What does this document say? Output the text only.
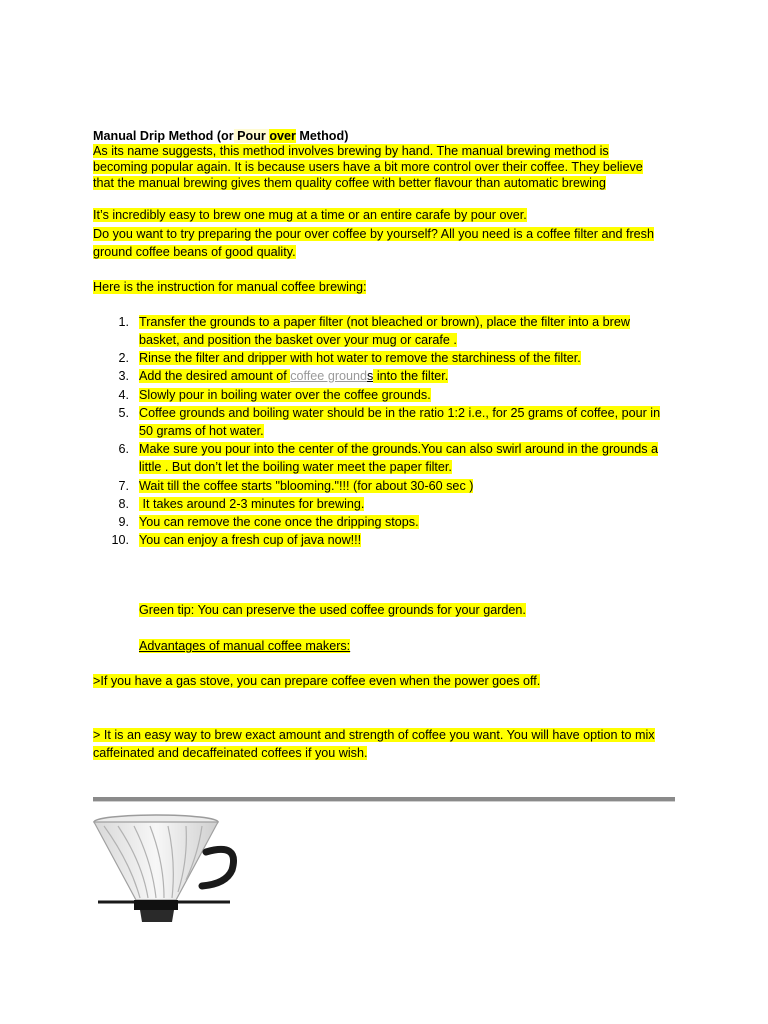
Manual Drip Method (or Pour over Method)
As its name suggests, this method involves brewing by hand. The manual brewing method is
becoming popular again. It is because users have a bit more control over their coffee. They believe
that the manual brewing gives them quality coffee with better flavour than automatic brewing
It’s incredibly easy to brew one mug at a time or an entire carafe by pour over.
Do you want to try preparing the pour over coffee by yourself? All you need is a coffee filter and fresh
ground coffee beans of good quality.
Here is the instruction for manual coffee brewing:
1. Transfer the grounds to a paper filter (not bleached or brown), place the filter into a brew
basket, and position the basket over your mug or carafe .
2. Rinse the filter and dripper with hot water to remove the starchiness of the filter.
3. Add the desired amount of coffee grounds into the filter.
4. Slowly pour in boiling water over the coffee grounds.
5. Coffee grounds and boiling water should be in the ratio 1:2 i.e., for 25 grams of coffee, pour in
50 grams of hot water.
6. Make sure you pour into the center of the grounds.You can also swirl around in the grounds a
little . But don’t let the boiling water meet the paper filter.
7. Wait till the coffee starts "blooming."!!! (for about 30-60 sec )
8. It takes around 2-3 minutes for brewing.
9. You can remove the cone once the dripping stops.
10. You can enjoy a fresh cup of java now!!!
Green tip: You can preserve the used coffee grounds for your garden.
Advantages of manual coffee makers:
>If you have a gas stove, you can prepare coffee even when the power goes off.
> It is an easy way to brew exact amount and strength of coffee you want. You will have option to mix
caffeinated and decaffeinated coffees if you wish.
